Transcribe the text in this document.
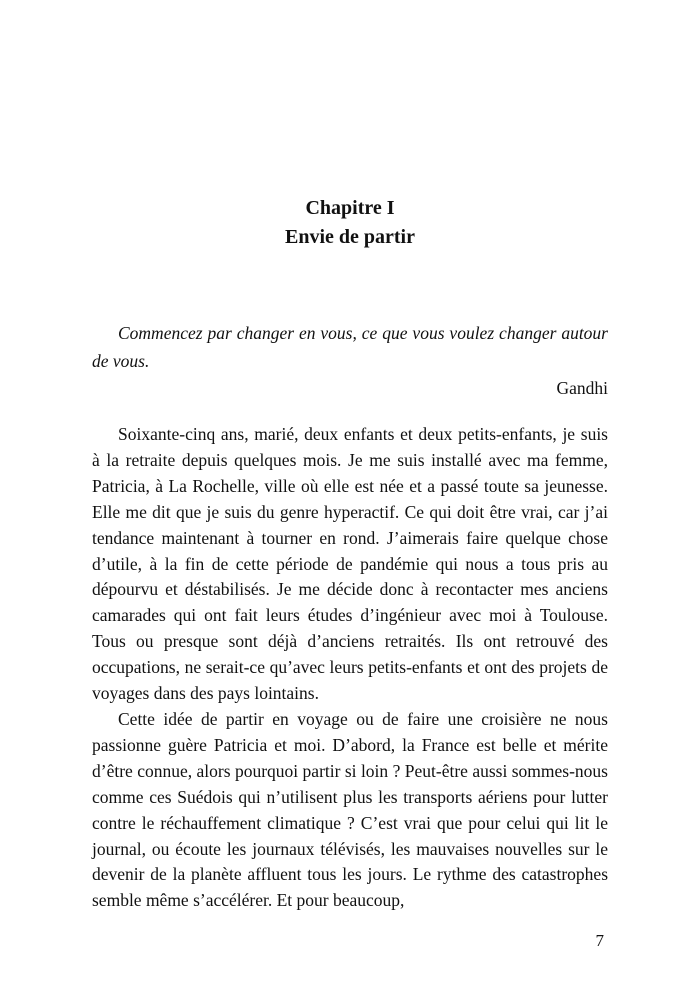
Chapitre I
Envie de partir

Commencez par changer en vous, ce que vous voulez changer autour de vous.

Gandhi

Soixante-cinq ans, marié, deux enfants et deux petits-enfants, je suis à la retraite depuis quelques mois. Je me suis installé avec ma femme, Patricia, à La Rochelle, ville où elle est née et a passé toute sa jeunesse. Elle me dit que je suis du genre hyperactif. Ce qui doit être vrai, car j’ai tendance maintenant à tourner en rond. J’aimerais faire quelque chose d’utile, à la fin de cette période de pandémie qui nous a tous pris au dépourvu et déstabilisés. Je me décide donc à recontacter mes anciens camarades qui ont fait leurs études d’ingénieur avec moi à Toulouse. Tous ou presque sont déjà d’anciens retraités. Ils ont retrouvé des occupations, ne serait-ce qu’avec leurs petits-enfants et ont des projets de voyages dans des pays lointains.

Cette idée de partir en voyage ou de faire une croisière ne nous passionne guère Patricia et moi. D’abord, la France est belle et mérite d’être connue, alors pourquoi partir si loin ? Peut-être aussi sommes-nous comme ces Suédois qui n’utilisent plus les transports aériens pour lutter contre le réchauffement climatique ? C’est vrai que pour celui qui lit le journal, ou écoute les journaux télévisés, les mauvaises nouvelles sur le devenir de la planète affluent tous les jours. Le rythme des catastrophes semble même s’accélérer. Et pour beaucoup,

7
